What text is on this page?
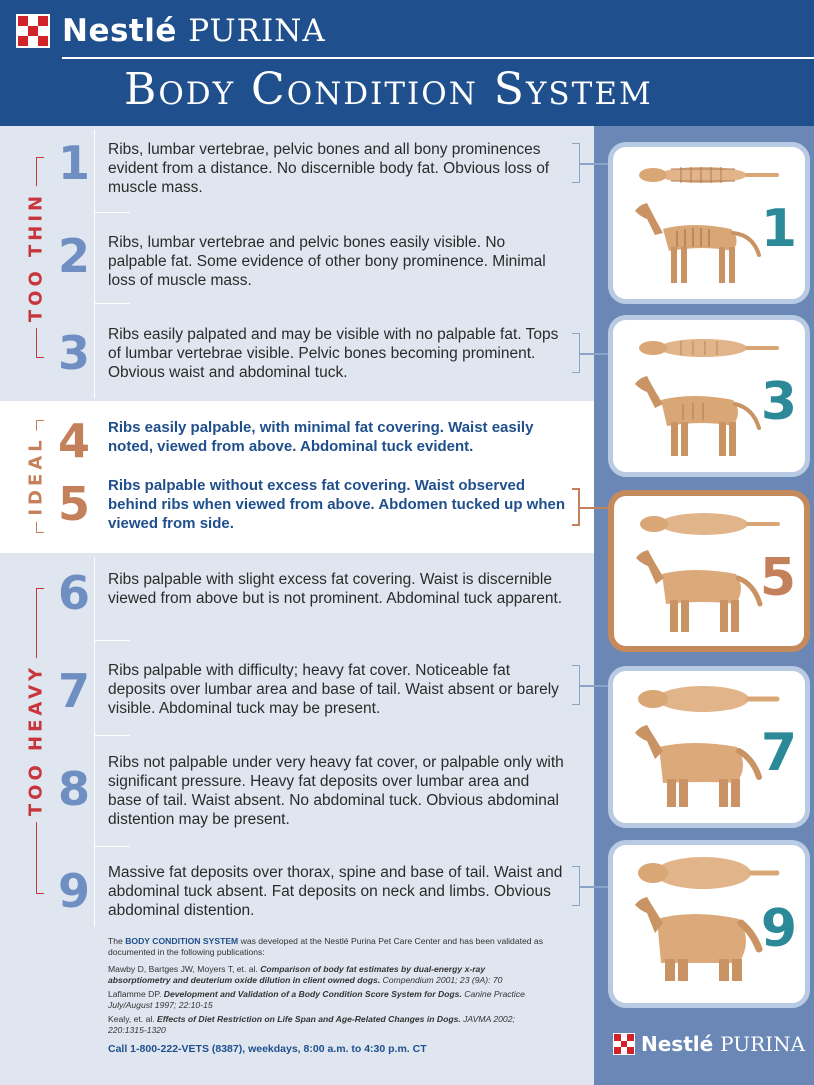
Nestlé PURINA
Body Condition System
TOO THIN
IDEAL
TOO HEAVY
1 Ribs, lumbar vertebrae, pelvic bones and all bony prominences evident from a distance. No discernible body fat. Obvious loss of muscle mass.
2 Ribs, lumbar vertebrae and pelvic bones easily visible. No palpable fat. Some evidence of other bony prominence. Minimal loss of muscle mass.
3 Ribs easily palpated and may be visible with no palpable fat. Tops of lumbar vertebrae visible. Pelvic bones becoming prominent. Obvious waist and abdominal tuck.
4 Ribs easily palpable, with minimal fat covering. Waist easily noted, viewed from above. Abdominal tuck evident.
5 Ribs palpable without excess fat covering. Waist observed behind ribs when viewed from above. Abdomen tucked up when viewed from side.
6 Ribs palpable with slight excess fat covering. Waist is discernible viewed from above but is not prominent. Abdominal tuck apparent.
7 Ribs palpable with difficulty; heavy fat cover. Noticeable fat deposits over lumbar area and base of tail. Waist absent or barely visible. Abdominal tuck may be present.
8 Ribs not palpable under very heavy fat cover, or palpable only with significant pressure. Heavy fat deposits over lumbar area and base of tail. Waist absent. No abdominal tuck. Obvious abdominal distention may be present.
9 Massive fat deposits over thorax, spine and base of tail. Waist and abdominal tuck absent. Fat deposits on neck and limbs. Obvious abdominal distention.
1
3
5
7
9
The BODY CONDITION SYSTEM was developed at the Nestlé Purina Pet Care Center and has been validated as documented in the following publications:
Mawby D, Bartges JW, Moyers T, et. al. Comparison of body fat estimates by dual-energy x-ray absorptiometry and deuterium oxide dilution in client owned dogs. Compendium 2001; 23 (9A): 70
Laflamme DP. Development and Validation of a Body Condition Score System for Dogs. Canine Practice July/August 1997; 22:10-15
Kealy, et. al. Effects of Diet Restriction on Life Span and Age-Related Changes in Dogs. JAVMA 2002; 220:1315-1320
Call 1-800-222-VETS (8387), weekdays, 8:00 a.m. to 4:30 p.m. CT	Nestlé PURINA
